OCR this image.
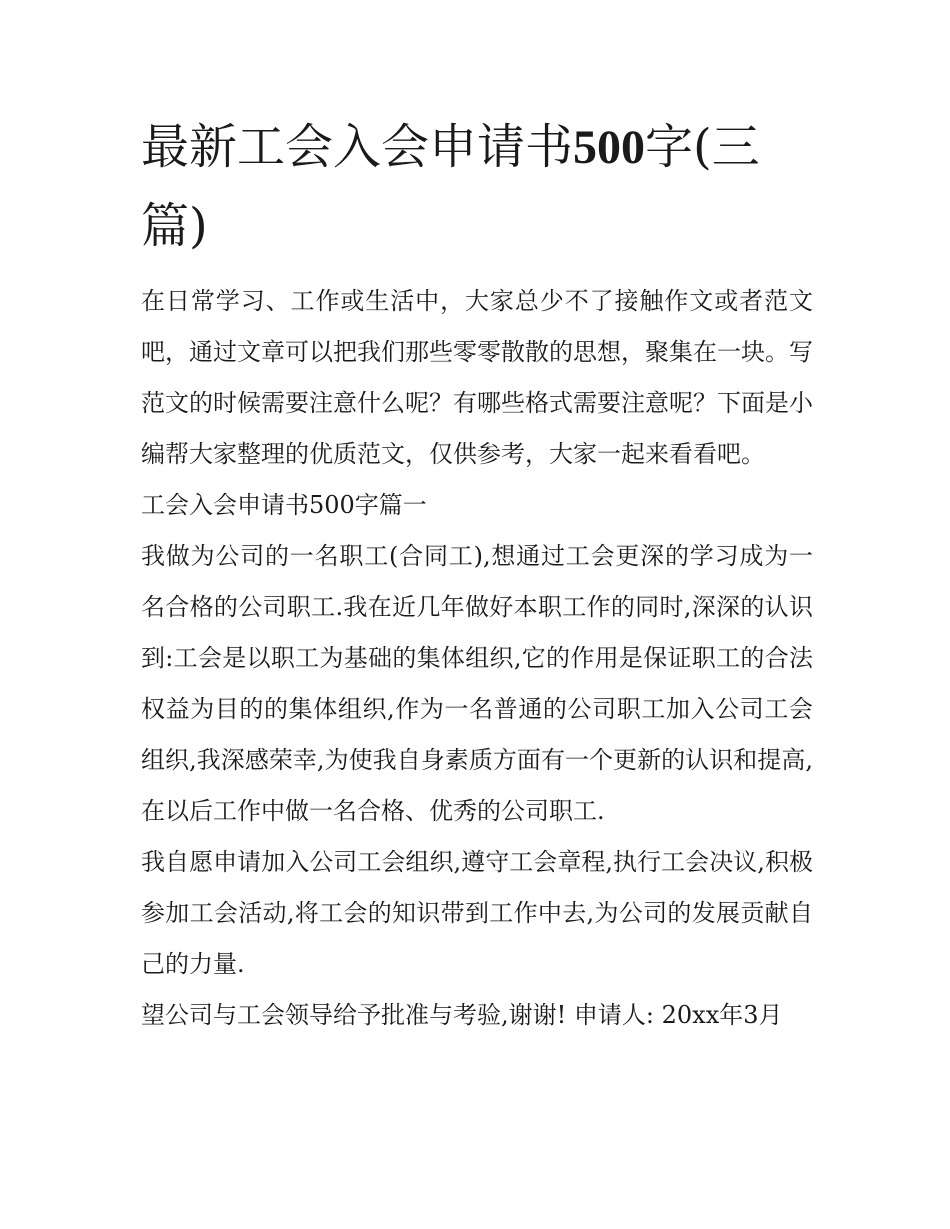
最新工会入会申请书500字(三篇)

在日常学习、工作或生活中，大家总少不了接触作文或者范文吧，通过文章可以把我们那些零零散散的思想，聚集在一块。写范文的时候需要注意什么呢？有哪些格式需要注意呢？下面是小编帮大家整理的优质范文，仅供参考，大家一起来看看吧。

工会入会申请书500字篇一

我做为公司的一名职工(合同工),想通过工会更深的学习成为一名合格的公司职工.我在近几年做好本职工作的同时,深深的认识到:工会是以职工为基础的集体组织,它的作用是保证职工的合法权益为目的的集体组织,作为一名普通的公司职工加入公司工会组织,我深感荣幸,为使我自身素质方面有一个更新的认识和提高,在以后工作中做一名合格、优秀的公司职工.

我自愿申请加入公司工会组织,遵守工会章程,执行工会决议,积极参加工会活动,将工会的知识带到工作中去,为公司的发展贡献自己的力量.

望公司与工会领导给予批准与考验,谢谢! 申请人: 20xx年3月
